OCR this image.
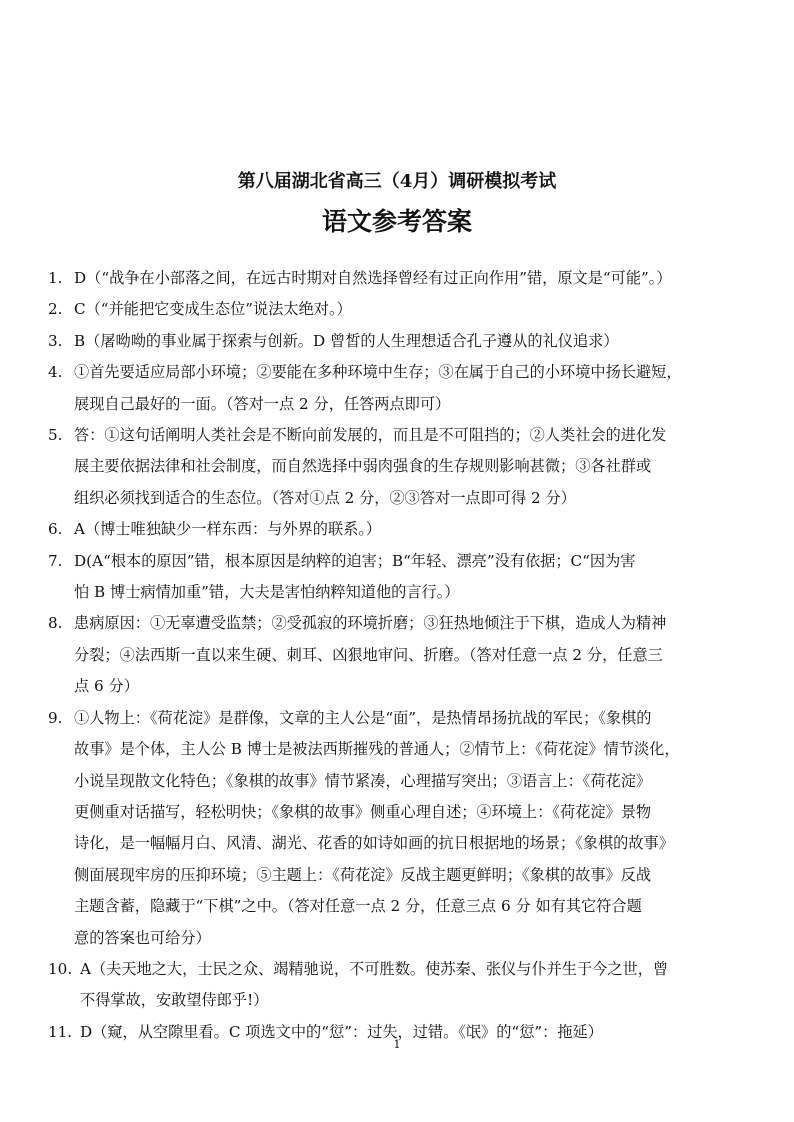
第八届湖北省高三（4月）调研模拟考试
语文参考答案
1. D（“战争在小部落之间，在远古时期对自然选择曾经有过正向作用”错，原文是“可能”。）
2. C（“并能把它变成生态位”说法太绝对。）
3. B（屠呦呦的事业属于探索与创新。D 曾皙的人生理想适合孔子遵从的礼仪追求）
4. ①首先要适应局部小环境；②要能在多种环境中生存；③在属于自己的小环境中扬长避短，
展现自己最好的一面。（答对一点 2 分，任答两点即可）
5. 答：①这句话阐明人类社会是不断向前发展的，而且是不可阻挡的；②人类社会的进化发
展主要依据法律和社会制度，而自然选择中弱肉强食的生存规则影响甚微；③各社群或
组织必须找到适合的生态位。（答对①点 2 分，②③答对一点即可得 2 分）
6. A（博士唯独缺少一样东西：与外界的联系。）
7. D(A“根本的原因”错，根本原因是纳粹的迫害；B“年轻、漂亮”没有依据；C“因为害
怕 B 博士病情加重”错，大夫是害怕纳粹知道他的言行。）
8. 患病原因：①无辜遭受监禁；②受孤寂的环境折磨；③狂热地倾注于下棋，造成人为精神
分裂；④法西斯一直以来生硬、刺耳、凶狠地审问、折磨。（答对任意一点 2 分，任意三
点 6 分）
9. ①人物上：《荷花淀》是群像，文章的主人公是“面”，是热情昂扬抗战的军民；《象棋的
故事》是个体，主人公 B 博士是被法西斯摧残的普通人；②情节上：《荷花淀》情节淡化，
小说呈现散文化特色；《象棋的故事》情节紧凑，心理描写突出；③语言上：《荷花淀》
更侧重对话描写，轻松明快；《象棋的故事》侧重心理自述；④环境上：《荷花淀》景物
诗化，是一幅幅月白、风清、湖光、花香的如诗如画的抗日根据地的场景；《象棋的故事》
侧面展现牢房的压抑环境；⑤主题上：《荷花淀》反战主题更鲜明；《象棋的故事》反战
主题含蓄，隐藏于“下棋”之中。（答对任意一点 2 分，任意三点 6 分 如有其它符合题
意的答案也可给分）
10. A（夫天地之大，士民之众、竭精驰说，不可胜数。使苏秦、张仪与仆并生于今之世，曾
不得掌故，安敢望侍郎乎!）
11. D（窥，从空隙里看。C 项选文中的“愆”：过失，过错。《氓》的“愆”：拖延）
1
